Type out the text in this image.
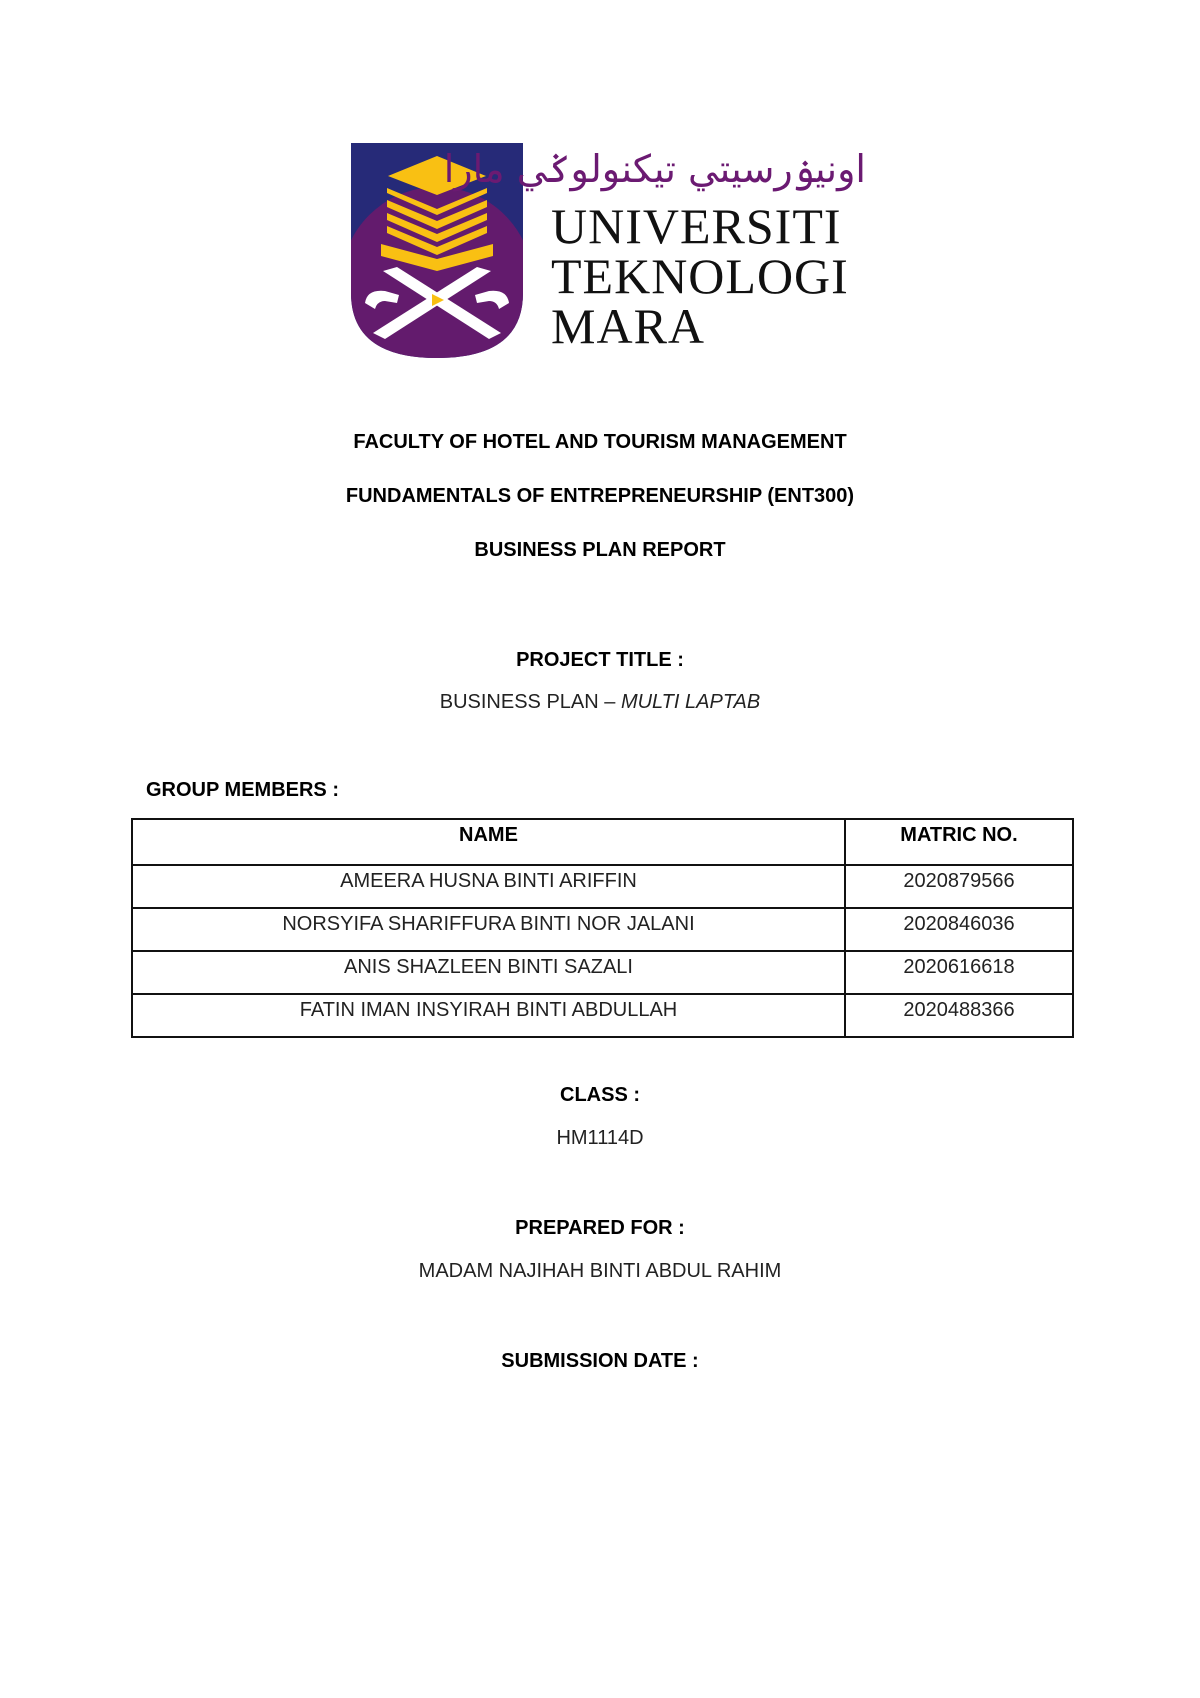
اونيۏرسيتي تيكنولوݢي مارا
UNIVERSITI
TEKNOLOGI
MARA
FACULTY OF HOTEL AND TOURISM MANAGEMENT
FUNDAMENTALS OF ENTREPRENEURSHIP (ENT300)
BUSINESS PLAN REPORT
PROJECT TITLE :
BUSINESS PLAN – MULTI LAPTAB
GROUP MEMBERS :
NAME	MATRIC NO.
AMEERA HUSNA BINTI ARIFFIN	2020879566
NORSYIFA SHARIFFURA BINTI NOR JALANI	2020846036
ANIS SHAZLEEN BINTI SAZALI	2020616618
FATIN IMAN INSYIRAH BINTI ABDULLAH	2020488366
CLASS :
HM1114D
PREPARED FOR :
MADAM NAJIHAH BINTI ABDUL RAHIM
SUBMISSION DATE :
